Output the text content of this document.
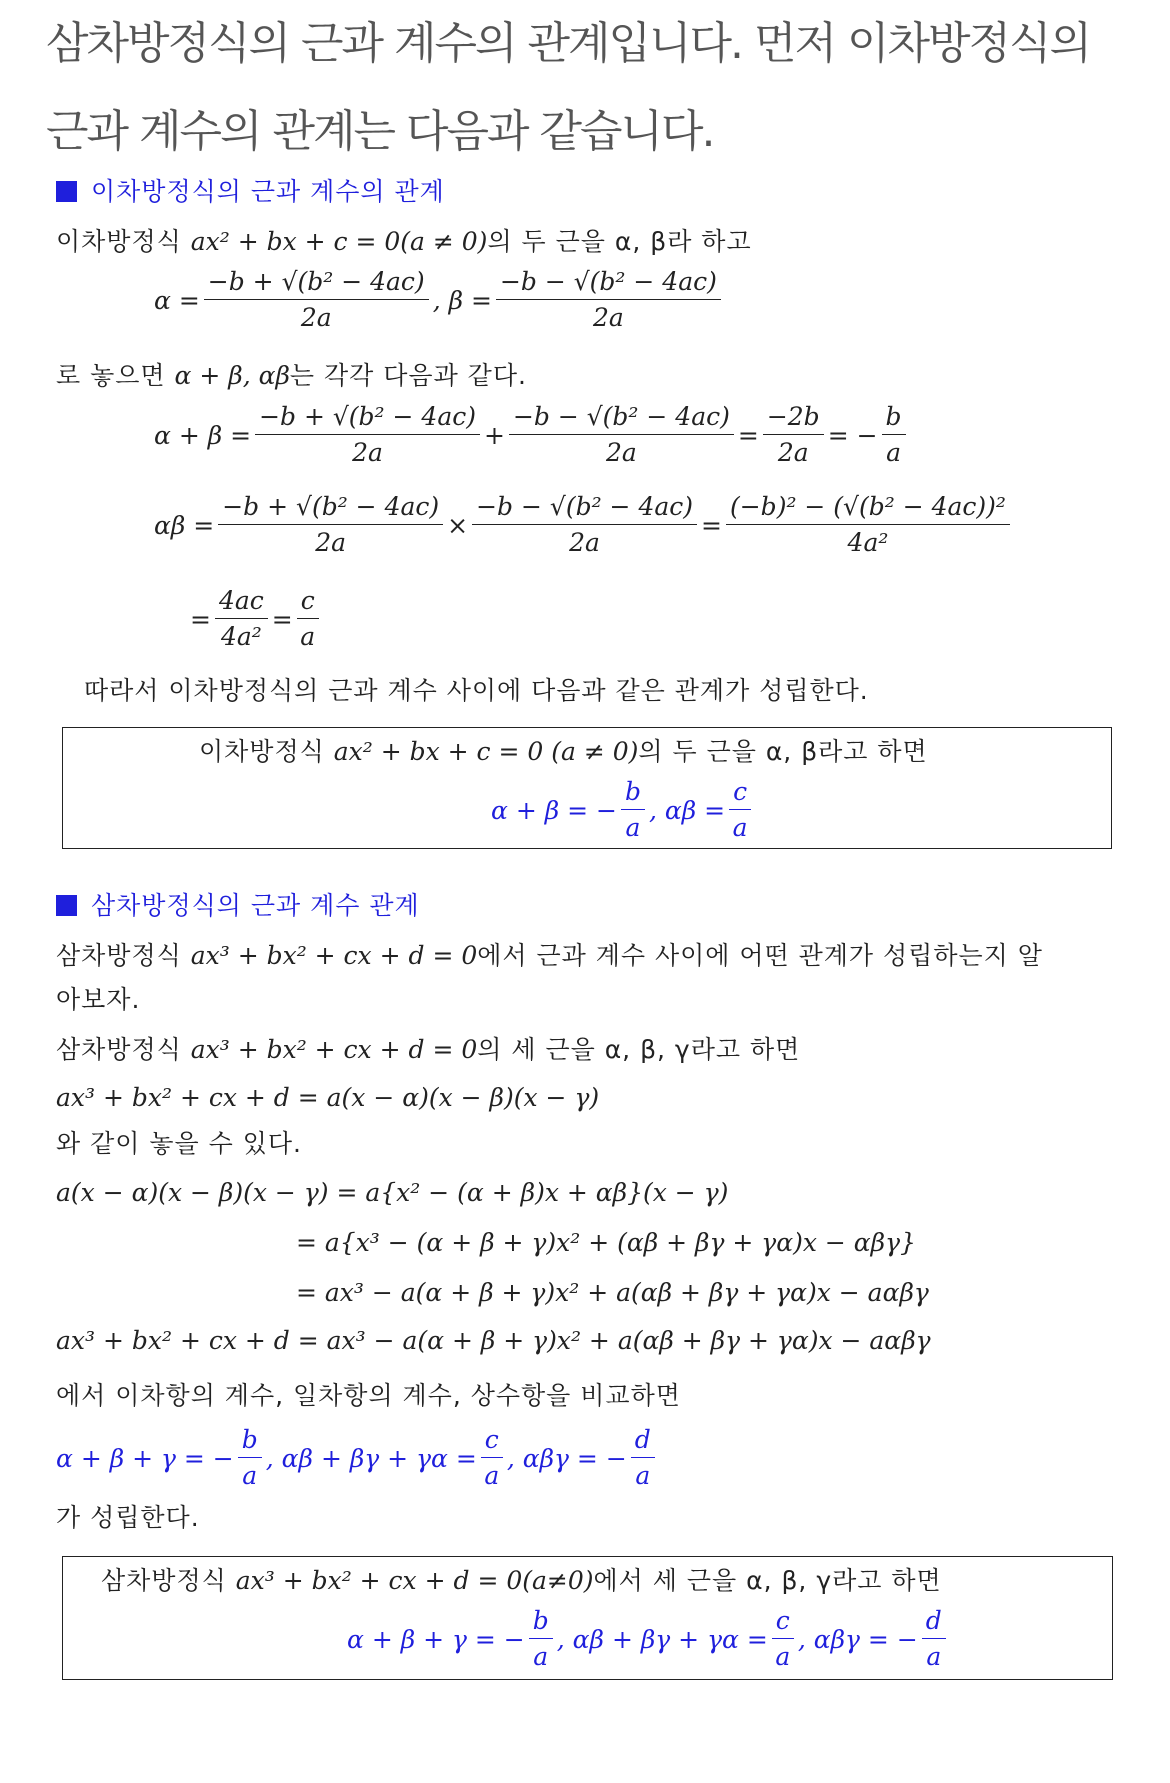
삼차방정식의 근과 계수의 관계입니다. 먼저 이차방정식의
근과 계수의 관계는 다음과 같습니다.
이차방정식의 근과 계수의 관계
이차방정식 ax² + bx + c = 0(a ≠ 0)의 두 근을 α, β라 하고
$\alpha = \frac{\text{−b + √(b² − 4ac)}}{2a}$ , $\beta = \frac{\text{−b − √(b² − 4ac)}}{2a}$
로 놓으면 α + β, αβ는 각각 다음과 같다.
$\alpha + \beta = \frac{\text{−b + √(b² − 4ac)}}{2a} + \frac{\text{−b − √(b² − 4ac)}}{2a} = \frac{-2b}{2a}$ = − $\frac{b}{a}$
$\alpha\beta = \frac{\text{−b + √(b² − 4ac)}}{2a} \times \frac{\text{−b − √(b² − 4ac)}}{2a} = \frac{\text{(−b)² − (√(b² − 4ac))²}}{\text{4a²}}$
= $\frac{4ac}{\text{4a²}} = \frac{c}{a}$
따라서 이차방정식의 근과 계수 사이에 다음과 같은 관계가 성립한다.
이차방정식 ax² + bx + c = 0 (a ≠ 0)의 두 근을 α, β라고 하면
α + β = − $\frac{b}{a}$ , $\alpha\beta = \frac{c}{a}$
삼차방정식의 근과 계수 관계
삼차방정식 ax³ + bx² + cx + d = 0에서 근과 계수 사이에 어떤 관계가 성립하는지 알
아보자.
삼차방정식 ax³ + bx² + cx + d = 0의 세 근을 α, β, γ라고 하면
ax³ + bx² + cx + d = a(x − α)(x − β)(x − γ)
와 같이 놓을 수 있다.
a(x − α)(x − β)(x − γ) = a{x² − (α + β)x + αβ}(x − γ)
= a{x³ − (α + β + γ)x² + (αβ + βγ + γα)x − αβγ}
= ax³ − a(α + β + γ)x² + a(αβ + βγ + γα)x − aαβγ
ax³ + bx² + cx + d = ax³ − a(α + β + γ)x² + a(αβ + βγ + γα)x − aαβγ
에서 이차항의 계수, 일차항의 계수, 상수항을 비교하면
α + β + γ = − $\frac{b}{a}$ , $\alpha\beta + \beta\gamma + \gamma\alpha = \frac{c}{a}$ , αβγ = − $\frac{d}{a}$
가 성립한다.
삼차방정식 ax³ + bx² + cx + d = 0(a≠0)에서 세 근을 α, β, γ라고 하면
α + β + γ = − $\frac{b}{a}$ , $\alpha\beta + \beta\gamma + \gamma\alpha = \frac{c}{a}$ , αβγ = − $\frac{d}{a}$
